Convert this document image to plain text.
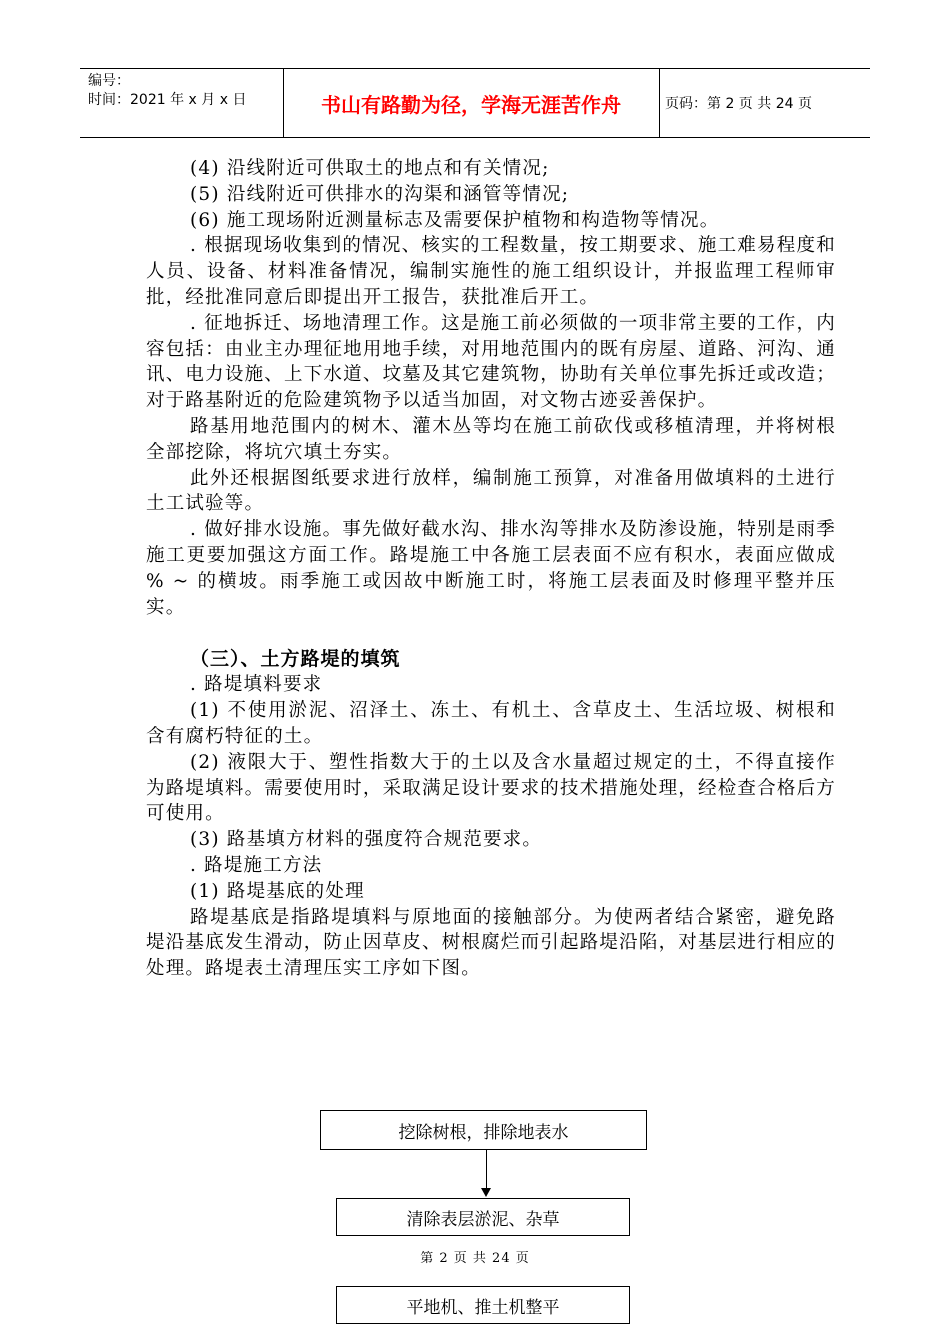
编号：
时间：2021 年 x 月 x 日	书山有路勤为径，学海无涯苦作舟	页码：第 2 页 共 24 页

(4) 沿线附近可供取土的地点和有关情况;

(5) 沿线附近可供排水的沟渠和涵管等情况;

(6) 施工现场附近测量标志及需要保护植物和构造物等情况。

. 根据现场收集到的情况、核实的工程数量，按工期要求、施工难易程度和人员、设备、材料准备情况，编制实施性的施工组织设计，并报监理工程师审批，经批准同意后即提出开工报告，获批准后开工。

. 征地拆迁、场地清理工作。这是施工前必须做的一项非常主要的工作，内容包括：由业主办理征地用地手续，对用地范围内的既有房屋、道路、河沟、通讯、电力设施、上下水道、坟墓及其它建筑物，协助有关单位事先拆迁或改造；对于路基附近的危险建筑物予以适当加固，对文物古迹妥善保护。

路基用地范围内的树木、灌木丛等均在施工前砍伐或移植清理，并将树根全部挖除，将坑穴填土夯实。

此外还根据图纸要求进行放样，编制施工预算，对准备用做填料的土进行土工试验等。

. 做好排水设施。事先做好截水沟、排水沟等排水及防渗设施，特别是雨季施工更要加强这方面工作。路堤施工中各施工层表面不应有积水，表面应做成 % ~ 的横坡。雨季施工或因故中断施工时，将施工层表面及时修理平整并压实。

（三）、土方路堤的填筑

. 路堤填料要求

(1) 不使用淤泥、沼泽土、冻土、有机土、含草皮土、生活垃圾、树根和含有腐朽特征的土。

(2) 液限大于、塑性指数大于的土以及含水量超过规定的土，不得直接作为路堤填料。需要使用时，采取满足设计要求的技术措施处理，经检查合格后方可使用。

(3) 路基填方材料的强度符合规范要求。

. 路堤施工方法

(1) 路堤基底的处理

路堤基底是指路堤填料与原地面的接触部分。为使两者结合紧密，避免路堤沿基底发生滑动，防止因草皮、树根腐烂而引起路堤沿陷，对基层进行相应的处理。路堤表土清理压实工序如下图。

挖除树根，排除地表水
清除表层淤泥、杂草
第 2 页 共 24 页
平地机、推土机整平
